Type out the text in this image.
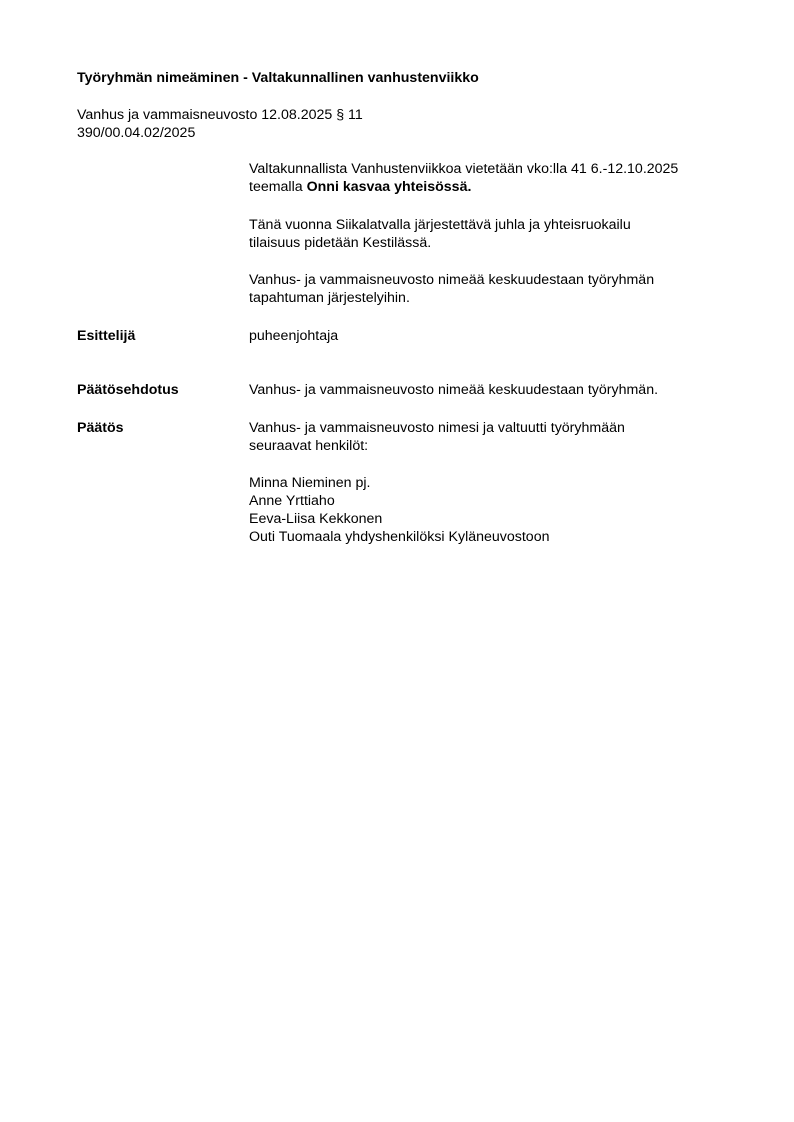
Työryhmän nimeäminen - Valtakunnallinen vanhustenviikko
Vanhus ja vammaisneuvosto 12.08.2025 § 11
390/00.04.02/2025
Valtakunnallista Vanhustenviikkoa vietetään vko:lla 41 6.-12.10.2025
teemalla Onni kasvaa yhteisössä.
Tänä vuonna Siikalatvalla järjestettävä juhla ja yhteisruokailu
tilaisuus pidetään Kestilässä.
Vanhus- ja vammaisneuvosto nimeää keskuudestaan työryhmän
tapahtuman järjestelyihin.
Esittelijä	puheenjohtaja
Päätösehdotus	Vanhus- ja vammaisneuvosto nimeää keskuudestaan työryhmän.
Päätös	Vanhus- ja vammaisneuvosto nimesi ja valtuutti työryhmään
seuraavat henkilöt:
Minna Nieminen pj.
Anne Yrttiaho
Eeva-Liisa Kekkonen
Outi Tuomaala yhdyshenkilöksi Kyläneuvostoon
